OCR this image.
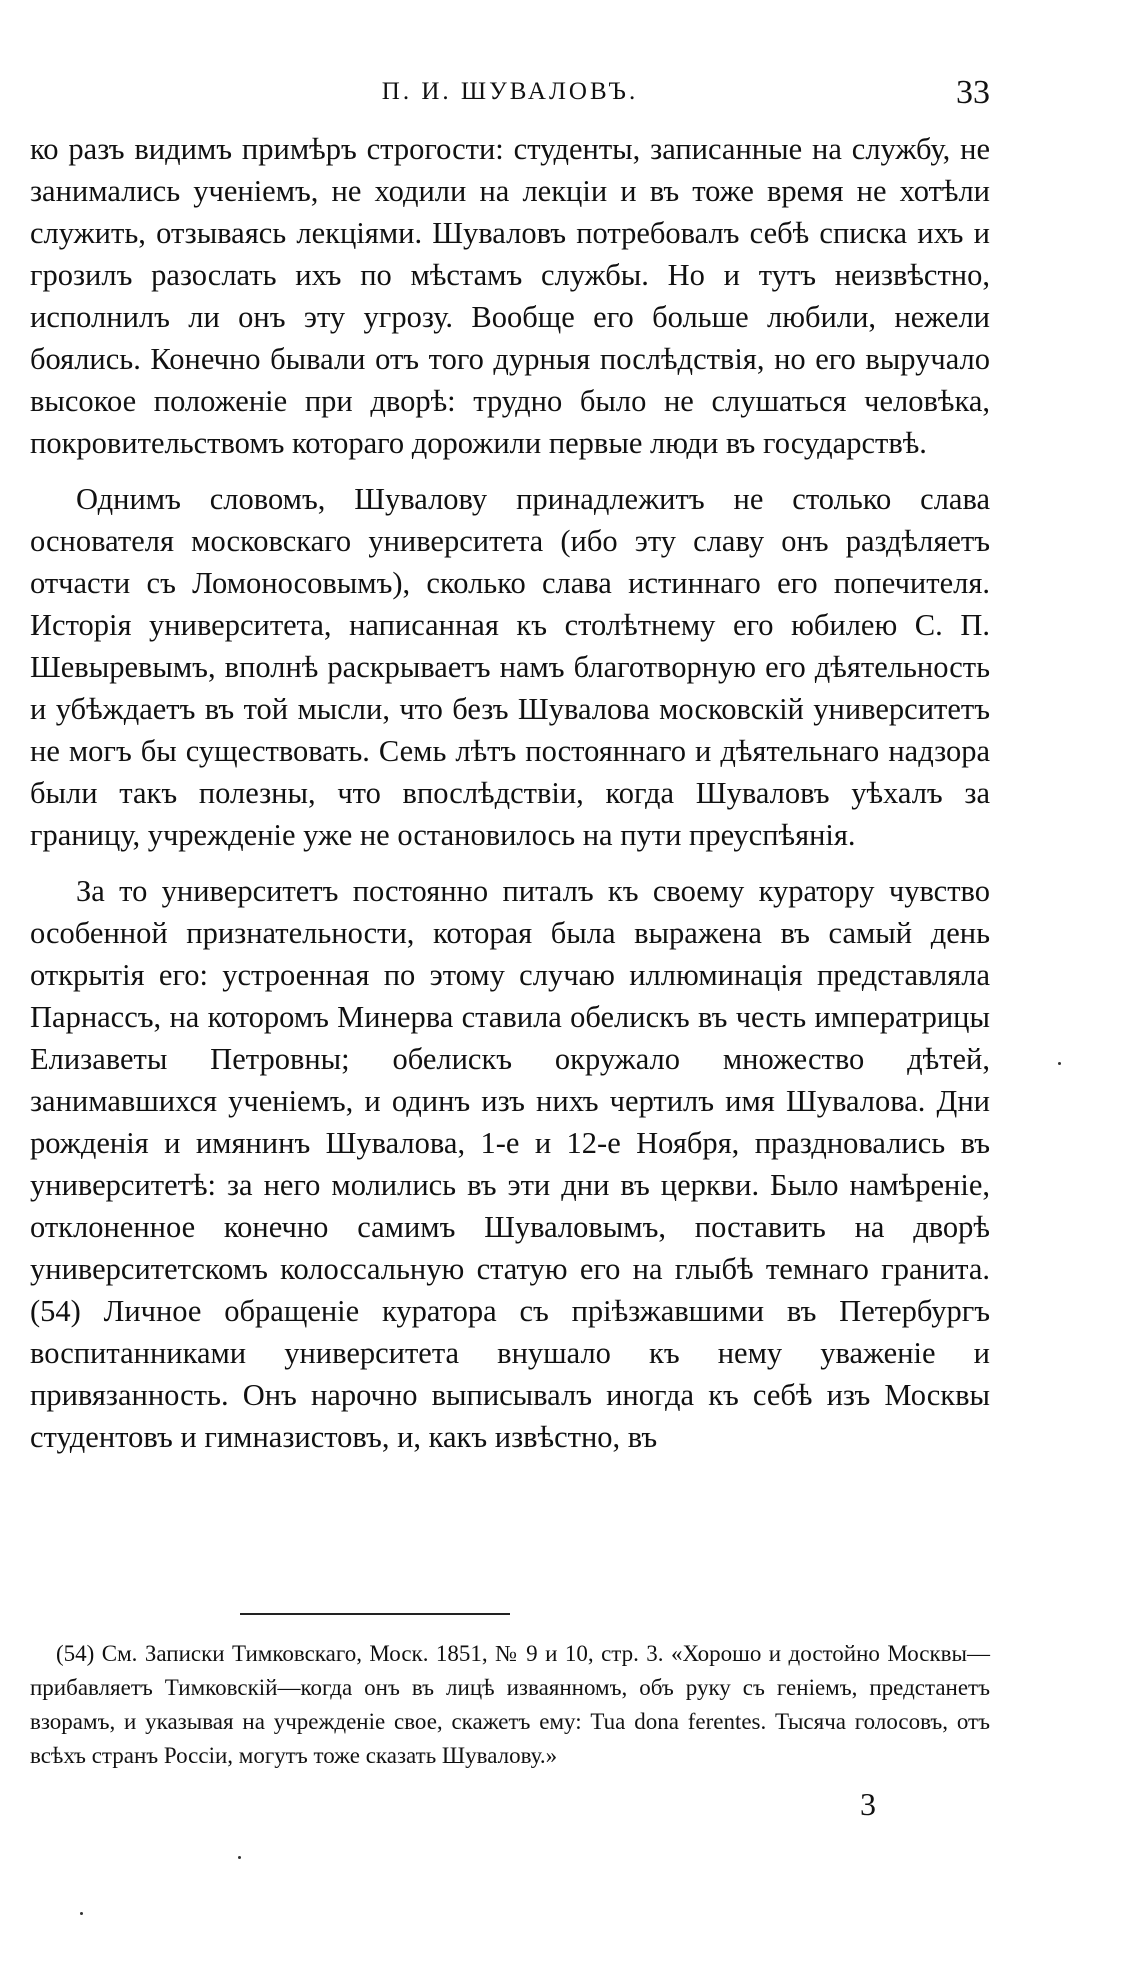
П. И. ШУВАЛОВЪ.	33

ко разъ видимъ примѣръ строгости: студенты, записанные на службу, не занимались ученіемъ, не ходили на лекціи и въ тоже время не хотѣли служить, отзываясь лекціями. Шуваловъ потребовалъ себѣ списка ихъ и грозилъ разослать ихъ по мѣстамъ службы. Но и тутъ неизвѣстно, исполнилъ ли онъ эту угрозу. Вообще его больше любили, нежели боялись. Конечно бывали отъ того дурныя послѣдствія, но его выручало высокое положеніе при дворѣ: трудно было не слушаться человѣка, покровительствомъ котораго дорожили первые люди въ государствѣ.

Однимъ словомъ, Шувалову принадлежитъ не столько слава основателя московскаго университета (ибо эту славу онъ раздѣляетъ отчасти съ Ломоносовымъ), сколько слава истиннаго его попечителя. Исторія университета, написанная къ столѣтнему его юбилею С. П. Шевыревымъ, вполнѣ раскрываетъ намъ благотворную его дѣятельность и убѣждаетъ въ той мысли, что безъ Шувалова московскій университетъ не могъ бы существовать. Семь лѣтъ постояннаго и дѣятельнаго надзора были такъ полезны, что впослѣдствіи, когда Шуваловъ уѣхалъ за границу, учрежденіе уже не остановилось на пути преуспѣянія.

За то университетъ постоянно питалъ къ своему куратору чувство особенной признательности, которая была выражена въ самый день открытія его: устроенная по этому случаю иллюминація представляла Парнассъ, на которомъ Минерва ставила обелискъ въ честь императрицы Елизаветы Петровны; обелискъ окружало множество дѣтей, занимавшихся ученіемъ, и одинъ изъ нихъ чертилъ имя Шувалова. Дни рожденія и имянинъ Шувалова, 1-е и 12-е Ноября, праздновались въ университетѣ: за него молились въ эти дни въ церкви. Было намѣреніе, отклоненное конечно самимъ Шуваловымъ, поставить на дворѣ университетскомъ колоссальную статую его на глыбѣ темнаго гранита. (54) Личное обращеніе куратора съ пріѣзжавшими въ Петербургъ воспитанниками университета внушало къ нему уваженіе и привязанность. Онъ нарочно выписывалъ иногда къ себѣ изъ Москвы студентовъ и гимназистовъ, и, какъ извѣстно, въ

(54) См. Записки Тимковскаго, Моск. 1851, № 9 и 10, стр. 3. «Хорошо и достойно Москвы—прибавляетъ Тимковскій—когда онъ въ лицѣ изваянномъ, объ руку съ геніемъ, предстанетъ взорамъ, и указывая на учрежденіе свое, скажетъ ему: Tua dona ferentes. Тысяча голосовъ, отъ всѣхъ странъ Россіи, могутъ тоже сказать Шувалову.»

3
